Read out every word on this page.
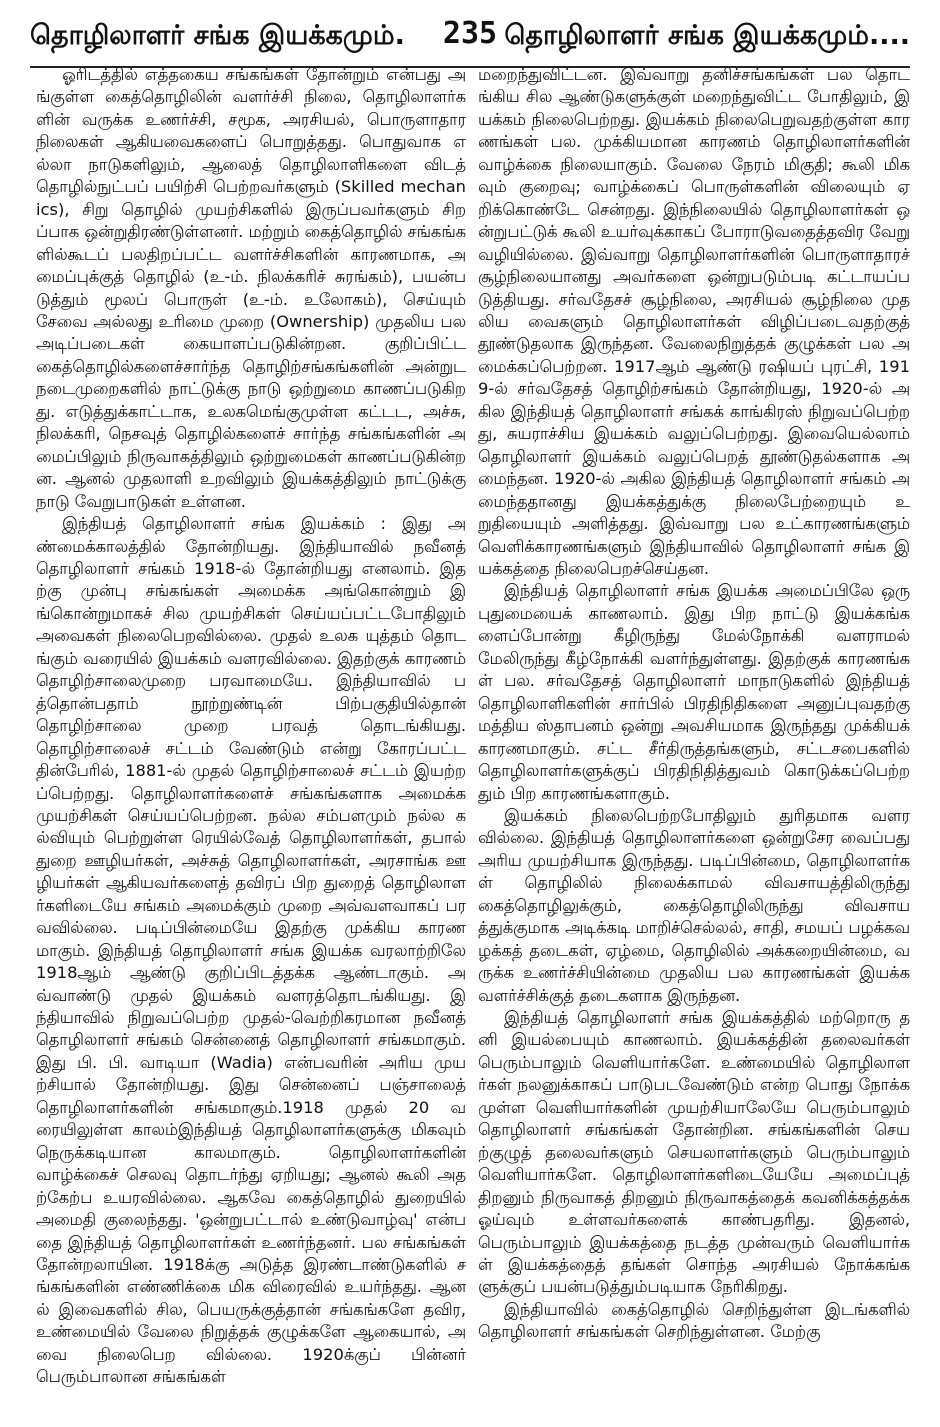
தொழிலாளர் சங்க இயக்கமும்.	235 தொழிலாளர் சங்க இயக்கமும்....

ஓரிடத்தில் எத்தகைய சங்கங்கள் தோன்றும் என்பது அங்குள்ள கைத்தொழிலின் வளர்ச்சி நிலை, தொழிலாளர்களின் வருக்க உணர்ச்சி, சமூக, அரசியல், பொருளாதார நிலைகள் ஆகியவைகளைப் பொறுத்தது. பொதுவாக எல்லா நாடுகளிலும், ஆலைத் தொழிலாளிகளை விடத் தொழில்நுட்பப் பயிற்சி பெற்றவர்களும் (Skilled mechanics), சிறு தொழில் முயற்சிகளில் இருப்பவர்களும் சிறப்பாக ஒன்றுதிரண்டுள்ளனர். மற்றும் கைத்தொழில் சங்கங்களில்கூடப் பலதிறப்பட்ட வளர்ச்சிகளின் காரணமாக, அமைப்புக்குத் தொழில் (உ-ம். நிலக்கரிச் சுரங்கம்), பயன்படுத்தும் மூலப் பொருள் (உ-ம். உலோகம்), செய்யும் சேவை அல்லது உரிமை முறை (Ownership) முதலிய பல அடிப்படைகள் கையாளப்படுகின்றன. குறிப்பிட்ட கைத்தொழில்களைச்சார்ந்த தொழிற்சங்கங்களின் அன்றுட நடைமுறைகளில் நாட்டுக்கு நாடு ஒற்றுமை காணப்படுகிறது. எடுத்துக்காட்டாக, உலகமெங்குமுள்ள கட்டட, அச்சு, நிலக்கரி, நெசவுத் தொழில்களைச் சார்ந்த சங்கங்களின் அமைப்பிலும் நிருவாகத்திலும் ஒற்றுமைகள் காணப்படுகின்றன. ஆனல் முதலாளி உறவிலும் இயக்கத்திலும் நாட்டுக்கு நாடு வேறுபாடுகள் உள்ளன.

இந்தியத் தொழிலாளர் சங்க இயக்கம் : இது அண்மைக்காலத்தில் தோன்றியது. இந்தியாவில் நவீனத் தொழிலாளர் சங்கம் 1918-ல் தோன்றியது எனலாம். இதற்கு முன்பு சங்கங்கள் அமைக்க அங்கொன்றும் இங்கொன்றுமாகச் சில முயற்சிகள் செய்யப்பட்டபோதிலும் அவைகள் நிலைபெறவில்லை. முதல் உலக யுத்தம் தொடங்கும் வரையில் இயக்கம் வளரவில்லை. இதற்குக் காரணம் தொழிற்சாலைமுறை பரவாமையே. இந்தியாவில் பத்தொன்பதாம் நூற்றுண்டின் பிற்பகுதியில்தான் தொழிற்சாலை முறை பரவத் தொடங்கியது. தொழிற்சாலைச் சட்டம் வேண்டும் என்று கோரப்பட்டதின்பேரில், 1881-ல் முதல் தொழிற்சாலைச் சட்டம் இயற்றப்பெற்றது. தொழிலாளர்களைச் சங்கங்களாக அமைக்க முயற்சிகள் செய்யப்பெற்றன. நல்ல சம்பளமும் நல்ல கல்வியும் பெற்றுள்ள ரெயில்வேத் தொழிலாளர்கள், தபால் துறை ஊழியர்கள், அச்சுத் தொழிலாளர்கள், அரசாங்க ஊழியர்கள் ஆகியவர்களைத் தவிரப் பிற துறைத் தொழிலாளர்களிடையே சங்கம் அமைக்கும் முறை அவ்வளவாகப் பரவவில்லை. படிப்பின்மையே இதற்கு முக்கிய காரணமாகும். இந்தியத் தொழிலாளர் சங்க இயக்க வரலாற்றிலே 1918ஆம் ஆண்டு குறிப்பிடத்தக்க ஆண்டாகும். அவ்வாண்டு முதல் இயக்கம் வளரத்தொடங்கியது. இந்தியாவில் நிறுவப்பெற்ற முதல்-வெற்றிகரமான நவீனத் தொழிலாளர் சங்கம் சென்னைத் தொழிலாளர் சங்கமாகும். இது பி. பி. வாடியா (Wadia) என்பவரின் அரிய முயற்சியால் தோன்றியது. இது சென்னைப் பஞ்சாலைத் தொழிலாளர்களின் சங்கமாகும்.1918 முதல் 20 வரையிலுள்ள காலம்இந்தியத் தொழிலாளர்களுக்கு மிகவும் நெருக்கடியான காலமாகும். தொழிலாளர்களின் வாழ்க்கைச் செலவு தொடர்ந்து ஏறியது; ஆனல் கூலி அதற்கேற்ப உயரவில்லை. ஆகவே கைத்தொழில் துறையில் அமைதி குலைந்தது. 'ஒன்றுபட்டால் உண்டுவாழ்வு' என்பதை இந்தியத் தொழிலாளர்கள் உணர்ந்தனர். பல சங்கங்கள் தோன்றலாயின. 1918க்கு அடுத்த இரண்டாண்டுகளில் சங்கங்களின் எண்ணிக்கை மிக விரைவில் உயர்ந்தது. ஆனல் இவைகளில் சில, பெயருக்குத்தான் சங்கங்களே தவிர, உண்மையில் வேலை நிறுத்தக் குழுக்களே ஆகையால், அவை நிலைபெற வில்லை. 1920க்குப் பின்னர் பெரும்பாலான சங்கங்கள்

மறைந்துவிட்டன. இவ்வாறு தனிச்சங்கங்கள் பல தொடங்கிய சில ஆண்டுகளுக்குள் மறைந்துவிட்ட போதிலும், இயக்கம் நிலைபெற்றது. இயக்கம் நிலைபெறுவதற்குள்ள காரணங்கள் பல. முக்கியமான காரணம் தொழிலாளர்களின் வாழ்க்கை நிலையாகும். வேலை நேரம் மிகுதி; கூலி மிகவும் குறைவு; வாழ்க்கைப் பொருள்களின் விலையும் ஏறிக்கொண்டே சென்றது. இந்நிலையில் தொழிலாளர்கள் ஒன்றுபட்டுக் கூலி உயர்வுக்காகப் போராடுவதைத்தவிர வேறு வழியில்லை. இவ்வாறு தொழிலாளர்களின் பொருளாதாரச் சூழ்நிலையானது அவர்களை ஒன்றுபடும்படி கட்டாயப்படுத்தியது. சர்வதேசச் சூழ்நிலை, அரசியல் சூழ்நிலை முதலிய வைகளும் தொழிலாளர்கள் விழிப்படைவதற்குத் தூண்டுதலாக இருந்தன. வேலைநிறுத்தக் குழுக்கள் பல அமைக்கப்பெற்றன. 1917ஆம் ஆண்டு ரஷியப் புரட்சி, 1919-ல் சர்வதேசத் தொழிற்சங்கம் தோன்றியது, 1920-ல் அகில இந்தியத் தொழிலாளர் சங்கக் காங்கிரஸ் நிறுவப்பெற்றது, சுயராச்சிய இயக்கம் வலுப்பெற்றது. இவையெல்லாம் தொழிலாளர் இயக்கம் வலுப்பெறத் தூண்டுதல்களாக அமைந்தன. 1920-ல் அகில இந்தியத் தொழிலாளர் சங்கம் அமைந்ததானது இயக்கத்துக்கு நிலைபேற்றையும் உறுதியையும் அளித்தது. இவ்வாறு பல உட்காரணங்களும் வெளிக்காரணங்களும் இந்தியாவில் தொழிலாளர் சங்க இயக்கத்தை நிலைபெறச்செய்தன.

இந்தியத் தொழிலாளர் சங்க இயக்க அமைப்பிலே ஒரு புதுமையைக் காணலாம். இது பிற நாட்டு இயக்கங்களைப்போன்று கீழிருந்து மேல்நோக்கி வளராமல் மேலிருந்து கீழ்நோக்கி வளர்ந்துள்ளது. இதற்குக் காரணங்கள் பல. சர்வதேசத் தொழிலாளர் மாநாடுகளில் இந்தியத் தொழிலாளிகளின் சார்பில் பிரதிநிதிகளை அனுப்புவதற்கு மத்திய ஸ்தாபனம் ஒன்று அவசியமாக இருந்தது முக்கியக் காரணமாகும். சட்ட சீர்திருத்தங்களும், சட்டசபைகளில் தொழிலாளர்களுக்குப் பிரதிநிதித்துவம் கொடுக்கப்பெற்றதும் பிற காரணங்களாகும்.

இயக்கம் நிலைபெற்றபோதிலும் துரிதமாக வளரவில்லை. இந்தியத் தொழிலாளர்களை ஒன்றுசேர வைப்பது அரிய முயற்சியாக இருந்தது. படிப்பின்மை, தொழிலாளர்கள் தொழிலில் நிலைக்காமல் விவசாயத்திலிருந்து கைத்தொழிலுக்கும், கைத்தொழிலிருந்து விவசாயத்துக்குமாக அடிக்கடி மாறிச்செல்லல், சாதி, சமயப் பழக்கவழக்கத் தடைகள், ஏழ்மை, தொழிலில் அக்கறையின்மை, வருக்க உணர்ச்சியின்மை முதலிய பல காரணங்கள் இயக்க வளர்ச்சிக்குத் தடைகளாக இருந்தன.

இந்தியத் தொழிலாளர் சங்க இயக்கத்தில் மற்றொரு தனி இயல்பையும் காணலாம். இயக்கத்தின் தலைவர்கள் பெரும்பாலும் வெளியார்களே. உண்மையில் தொழிலாளர்கள் நலனுக்காகப் பாடுபடவேண்டும் என்ற பொது நோக்கமுள்ள வெளியார்களின் முயற்சியாலேயே பெரும்பாலும் தொழிலாளர் சங்கங்கள் தோன்றின. சங்கங்களின் செயற்குழுத் தலைவர்களும் செயலாளர்களும் பெரும்பாலும் வெளியார்களே. தொழிலாளர்களிடையேயே அமைப்புத் திறனும் நிருவாகத் திறனும் நிருவாகத்தைக் கவனிக்கத்தக்க ஓய்வும் உள்ளவர்களைக் காண்பதரிது. இதனல், பெரும்பாலும் இயக்கத்தை நடத்த முன்வரும் வெளியார்கள் இயக்கத்தைத் தங்கள் சொந்த அரசியல் நோக்கங்களுக்குப் பயன்படுத்தும்படியாக நேரிகிறது.

இந்தியாவில் கைத்தொழில் செறிந்துள்ள இடங்களில் தொழிலாளர் சங்கங்கள் செறிந்துள்ளன. மேற்கு
